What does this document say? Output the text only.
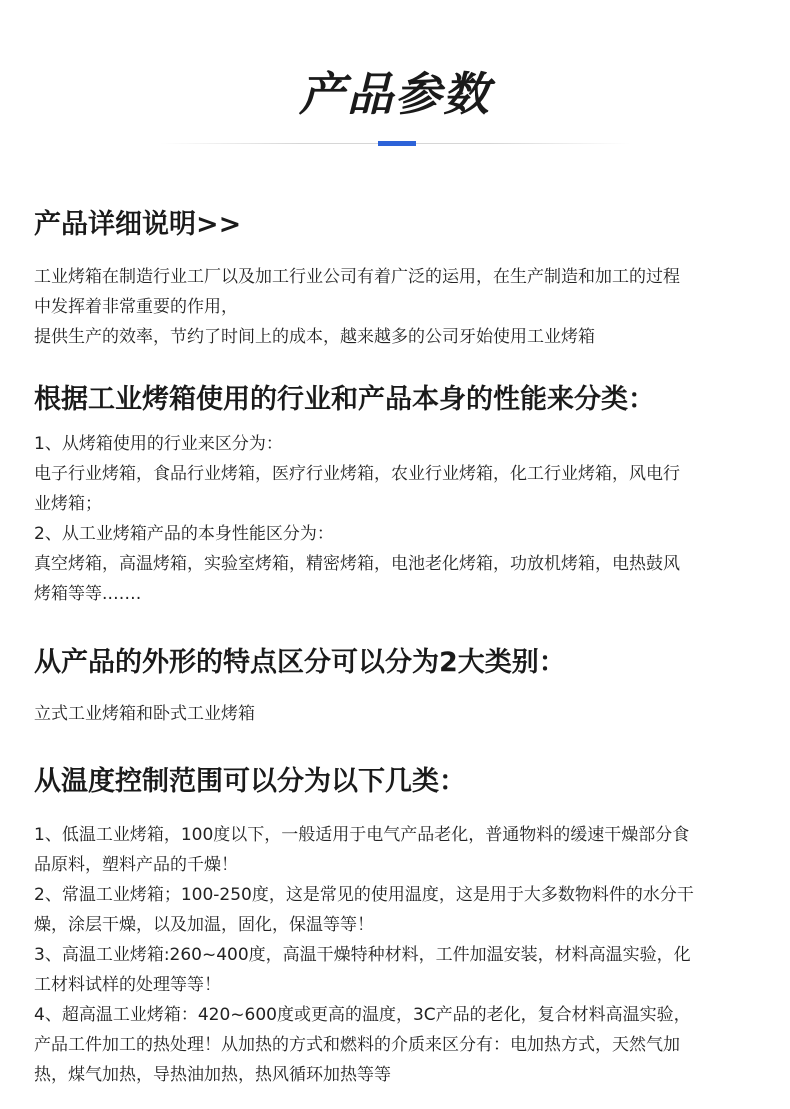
产品参数
产品详细说明>>

工业烤箱在制造行业工厂以及加工行业公司有着广泛的运用，在生产制造和加工的过程

中发挥着非常重要的作用，

提供生产的效率，节约了时间上的成本，越来越多的公司牙始使用工业烤箱

根据工业烤箱使用的行业和产品本身的性能来分类：

1、从烤箱使用的行业来区分为：

电子行业烤箱，食品行业烤箱，医疗行业烤箱，农业行业烤箱，化工行业烤箱，风电行

业烤箱；

2、从工业烤箱产品的本身性能区分为：

真空烤箱，高温烤箱，实验室烤箱，精密烤箱，电池老化烤箱，功放机烤箱，电热鼓风

烤箱等等.……

从产品的外形的特点区分可以分为2大类别：

立式工业烤箱和卧式工业烤箱

从温度控制范围可以分为以下几类：

1、低温工业烤箱，100度以下，一般适用于电气产品老化，普通物料的缓速干燥部分食

品原料，塑料产品的千燥！

2、常温工业烤箱；100-250度，这是常见的使用温度，这是用于大多数物料件的水分干

燥，涂层干燥，以及加温，固化，保温等等！

3、高温工业烤箱:260~400度，高温干燥特种材料，工件加温安装，材料高温实验，化

工材料试样的处理等等！

4、超高温工业烤箱：420~600度或更高的温度，3C产品的老化，复合材料高温实验，

产品工件加工的热处理！从加热的方式和燃料的介质来区分有：电加热方式，天然气加

热，煤气加热，导热油加热，热风循环加热等等
